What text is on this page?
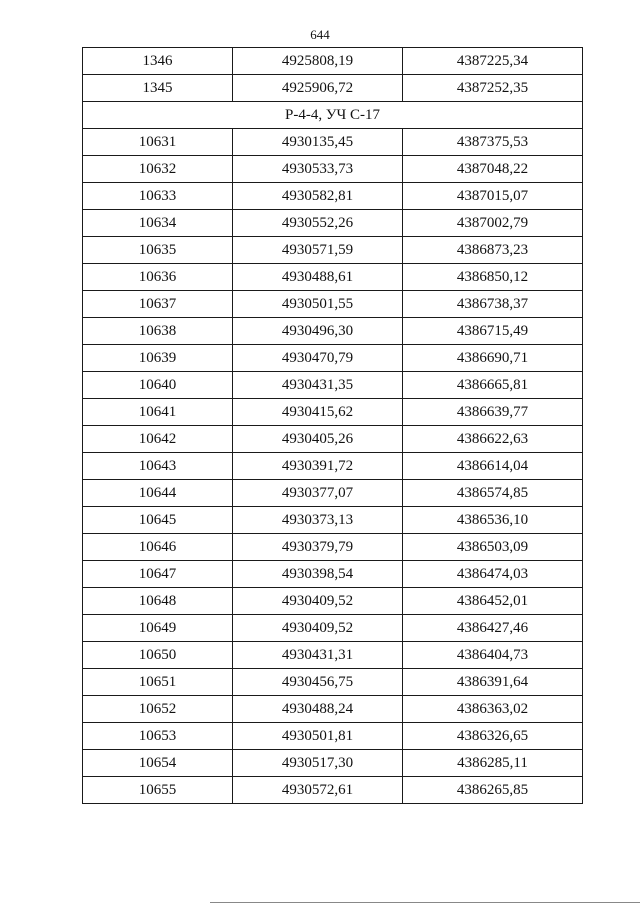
644
1346	4925808,19	4387225,34
1345	4925906,72	4387252,35
Р-4-4, УЧ С-17		
10631	4930135,45	4387375,53
10632	4930533,73	4387048,22
10633	4930582,81	4387015,07
10634	4930552,26	4387002,79
10635	4930571,59	4386873,23
10636	4930488,61	4386850,12
10637	4930501,55	4386738,37
10638	4930496,30	4386715,49
10639	4930470,79	4386690,71
10640	4930431,35	4386665,81
10641	4930415,62	4386639,77
10642	4930405,26	4386622,63
10643	4930391,72	4386614,04
10644	4930377,07	4386574,85
10645	4930373,13	4386536,10
10646	4930379,79	4386503,09
10647	4930398,54	4386474,03
10648	4930409,52	4386452,01
10649	4930409,52	4386427,46
10650	4930431,31	4386404,73
10651	4930456,75	4386391,64
10652	4930488,24	4386363,02
10653	4930501,81	4386326,65
10654	4930517,30	4386285,11
10655	4930572,61	4386265,85
